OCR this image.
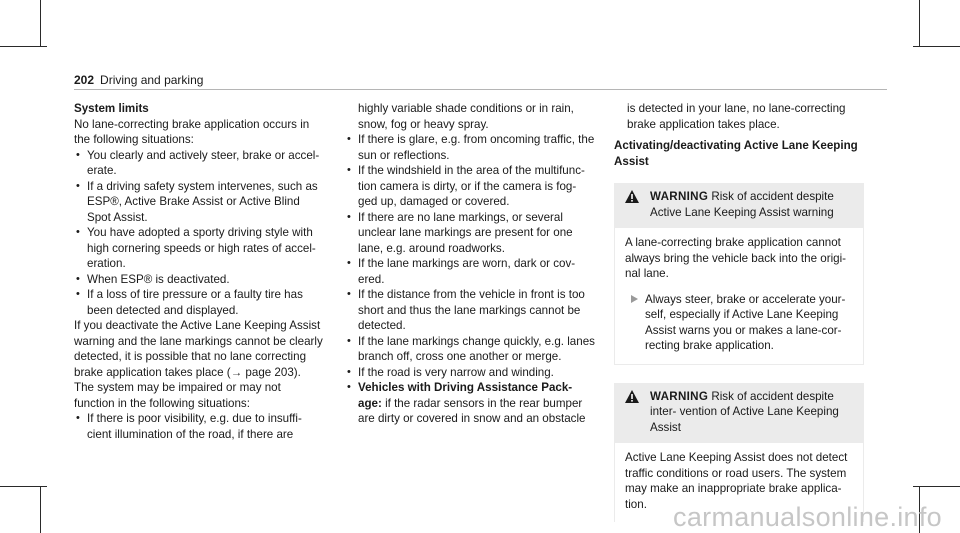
202 Driving and parking

System limits

No lane-correcting brake application occurs in the following situations:

• You clearly and actively steer, brake or accel- erate.
• If a driving safety system intervenes, such as ESP®, Active Brake Assist or Active Blind Spot Assist.
• You have adopted a sporty driving style with high cornering speeds or high rates of accel- eration.
• When ESP® is deactivated.
• If a loss of tire pressure or a faulty tire has been detected and displayed.

If you deactivate the Active Lane Keeping Assist warning and the lane markings cannot be clearly detected, it is possible that no lane correcting brake application takes place (→ page 203).

The system may be impaired or may not function in the following situations:

• If there is poor visibility, e.g. due to insuffi- cient illumination of the road, if there are

highly variable shade conditions or in rain, snow, fog or heavy spray.

• If there is glare, e.g. from oncoming traffic, the sun or reflections.
• If the windshield in the area of the multifunc- tion camera is dirty, or if the camera is fog- ged up, damaged or covered.
• If there are no lane markings, or several unclear lane markings are present for one lane, e.g. around roadworks.
• If the lane markings are worn, dark or cov- ered.
• If the distance from the vehicle in front is too short and thus the lane markings cannot be detected.
• If the lane markings change quickly, e.g. lanes branch off, cross one another or merge.
• If the road is very narrow and winding.
• Vehicles with Driving Assistance Pack- age: if the radar sensors in the rear bumper are dirty or covered in snow and an obstacle

is detected in your lane, no lane-correcting brake application takes place.

Activating/deactivating Active Lane Keeping Assist

WARNING Risk of accident despite Active Lane Keeping Assist warning

A lane-correcting brake application cannot always bring the vehicle back into the origi- nal lane.

Always steer, brake or accelerate your- self, especially if Active Lane Keeping Assist warns you or makes a lane-cor- recting brake application.
WARNING Risk of accident despite inter- vention of Active Lane Keeping Assist

Active Lane Keeping Assist does not detect traffic conditions or road users. The system may make an inappropriate brake applica- tion. carmanualsonline.info
